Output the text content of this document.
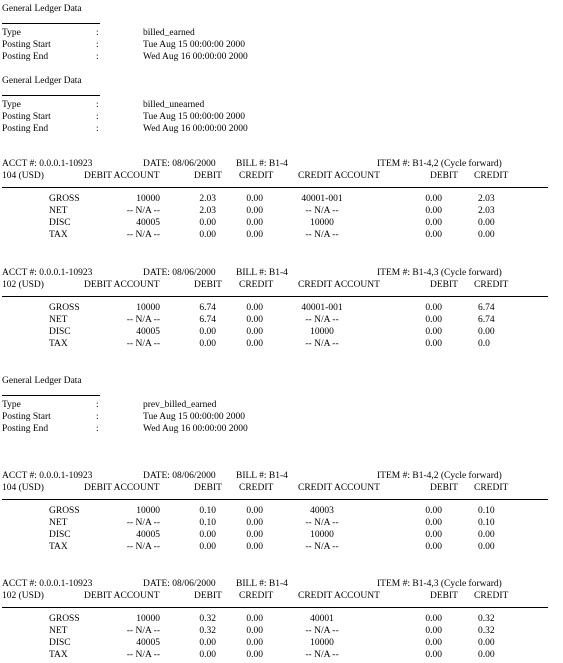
General Ledger Data
Type	:	billed_earned
Posting Start	:	Tue Aug 15 00:00:00 2000
Posting End	:	Wed Aug 16 00:00:00 2000
General Ledger Data
Type	:	billed_unearned
Posting Start	:	Tue Aug 15 00:00:00 2000
Posting End	:	Wed Aug 16 00:00:00 2000
General Ledger Data
Type	:	prev_billed_earned
Posting Start	:	Tue Aug 15 00:00:00 2000
Posting End	:	Wed Aug 16 00:00:00 2000
ACCT #: 0.0.0.1-10923	DATE: 08/06/2000 BILL #: B1-4	ITEM #: B1-4,2 (Cycle forward)
104 (USD)	DEBIT ACCOUNT	DEBIT CREDIT	CREDIT ACCOUNT	DEBIT CREDIT
GROSS	10000	2.03	0.00	40001-001	0.00	2.03
NET	-- N/A --	2.03	0.00	-- N/A --	0.00	2.03
DISC	40005	0.00	0.00	10000	0.00	0.00
TAX	-- N/A --	0.00	0.00	-- N/A --	0.00	0.00
ACCT #: 0.0.0.1-10923	DATE: 08/06/2000 BILL #: B1-4	ITEM #: B1-4,3 (Cycle forward)
102 (USD)	DEBIT ACCOUNT	DEBIT CREDIT	CREDIT ACCOUNT	DEBIT CREDIT
GROSS	10000	6.74	0.00	40001-001	0.00	6.74
NET	-- N/A --	6.74	0.00	-- N/A --	0.00	6.74
DISC	40005	0.00	0.00	10000	0.00	0.00
TAX	-- N/A --	0.00	0.00	-- N/A --	0.00	0.0
ACCT #: 0.0.0.1-10923	DATE: 08/06/2000 BILL #: B1-4	ITEM #: B1-4,2 (Cycle forward)
104 (USD)	DEBIT ACCOUNT	DEBIT CREDIT	CREDIT ACCOUNT	DEBIT CREDIT
GROSS	10000	0.10	0.00	40003	0.00	0.10
NET	-- N/A --	0.10	0.00	-- N/A --	0.00	0.10
DISC	40005	0.00	0.00	10000	0.00	0.00
TAX	-- N/A --	0.00	0.00	-- N/A --	0.00	0.00
ACCT #: 0.0.0.1-10923	DATE: 08/06/2000 BILL #: B1-4	ITEM #: B1-4,3 (Cycle forward)
102 (USD)	DEBIT ACCOUNT	DEBIT CREDIT	CREDIT ACCOUNT	DEBIT CREDIT
GROSS	10000	0.32	0.00	40001	0.00	0.32
NET	-- N/A --	0.32	0.00	-- N/A --	0.00	0.32
DISC	40005	0.00	0.00	10000	0.00	0.00
TAX	-- N/A --	0.00	0.00	-- N/A --	0.00	0.00
